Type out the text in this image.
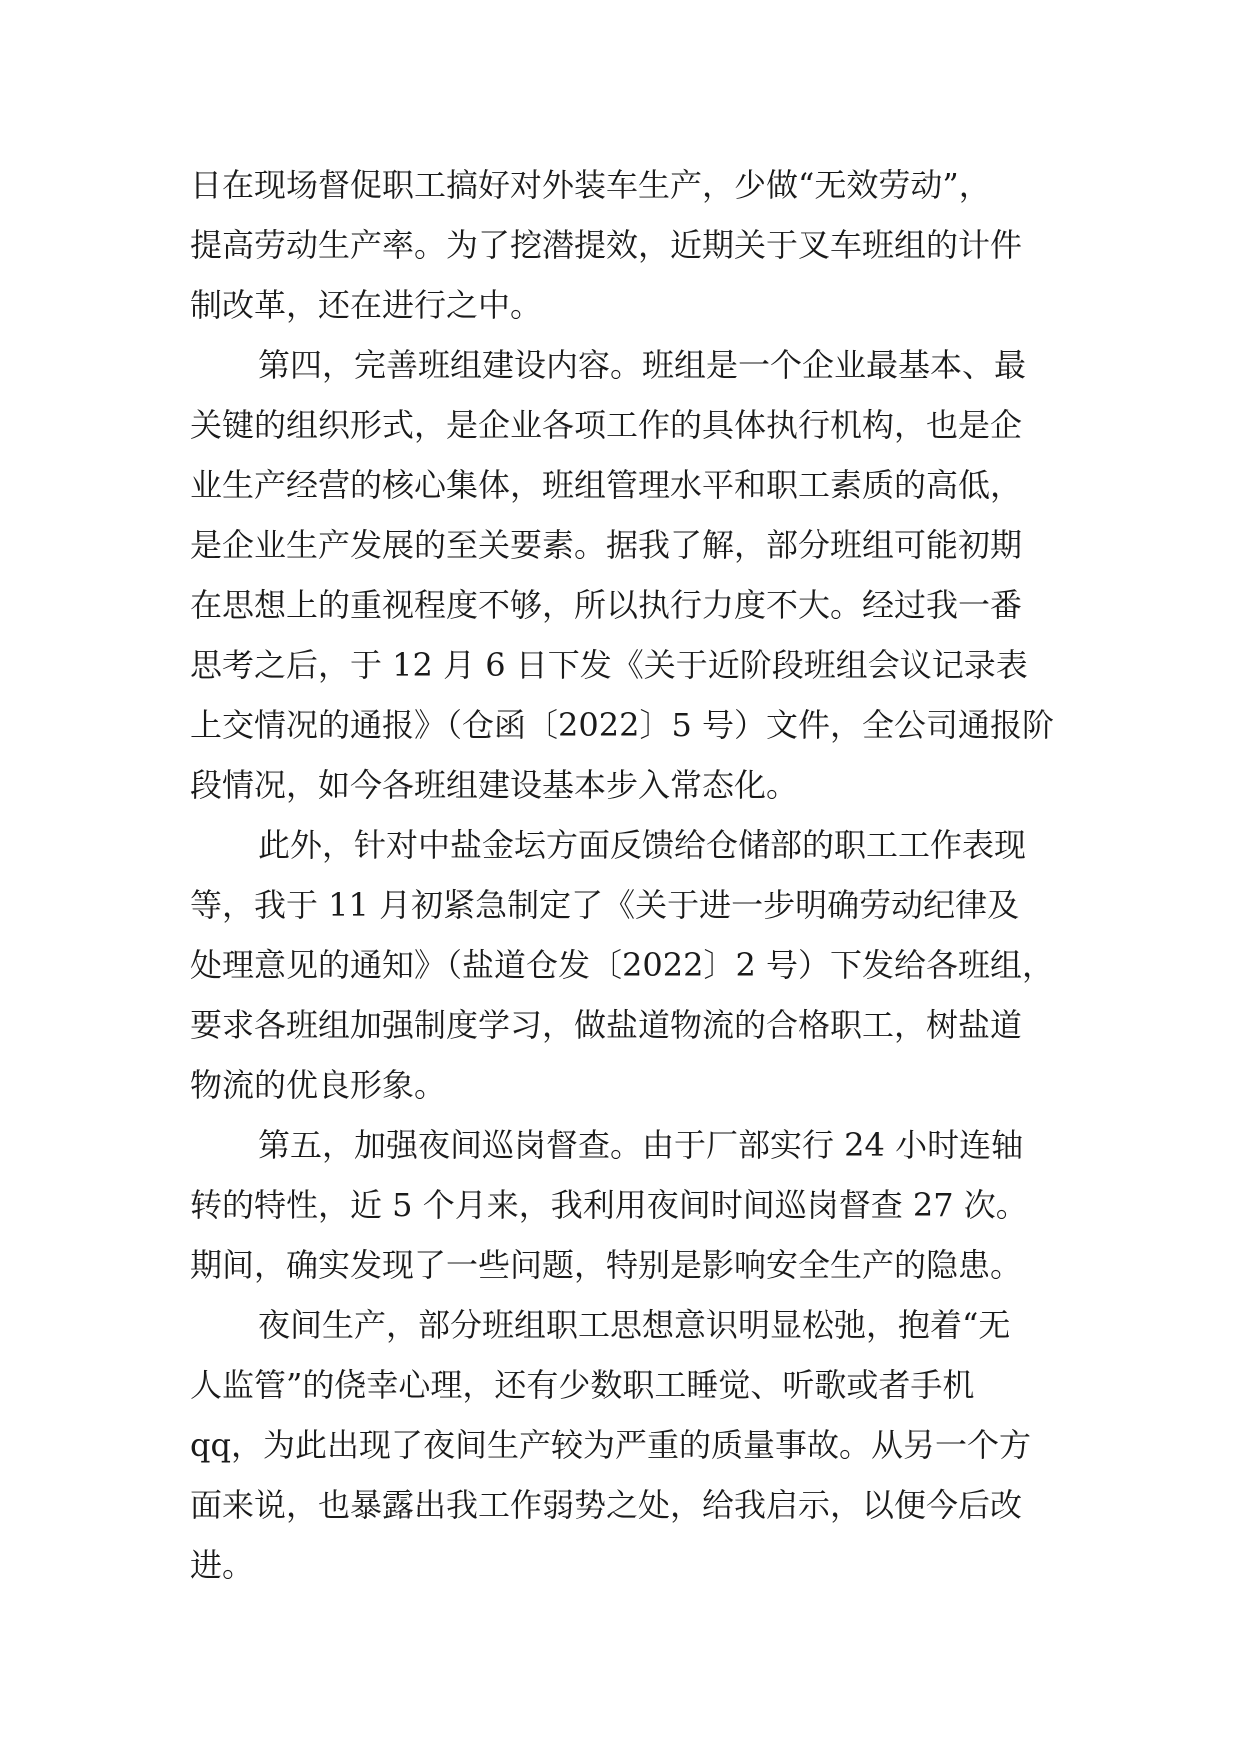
日在现场督促职工搞好对外装车生产，少做“无效劳动”，
提高劳动生产率。为了挖潜提效，近期关于叉车班组的计件
制改革，还在进行之中。
第四，完善班组建设内容。班组是一个企业最基本、最
关键的组织形式，是企业各项工作的具体执行机构，也是企
业生产经营的核心集体，班组管理水平和职工素质的高低，
是企业生产发展的至关要素。据我了解，部分班组可能初期
在思想上的重视程度不够，所以执行力度不大。经过我一番
思考之后，于 12 月 6 日下发《关于近阶段班组会议记录表
上交情况的通报》（仓函〔2022〕5 号）文件，全公司通报阶
段情况，如今各班组建设基本步入常态化。
此外，针对中盐金坛方面反馈给仓储部的职工工作表现
等，我于 11 月初紧急制定了《关于进一步明确劳动纪律及
处理意见的通知》（盐道仓发〔2022〕2 号）下发给各班组，
要求各班组加强制度学习，做盐道物流的合格职工，树盐道
物流的优良形象。
第五，加强夜间巡岗督查。由于厂部实行 24 小时连轴
转的特性，近 5 个月来，我利用夜间时间巡岗督查 27 次。
期间，确实发现了一些问题，特别是影响安全生产的隐患。
夜间生产，部分班组职工思想意识明显松弛，抱着“无
人监管”的侥幸心理，还有少数职工睡觉、听歌或者手机
qq，为此出现了夜间生产较为严重的质量事故。从另一个方
面来说，也暴露出我工作弱势之处，给我启示，以便今后改
进。
